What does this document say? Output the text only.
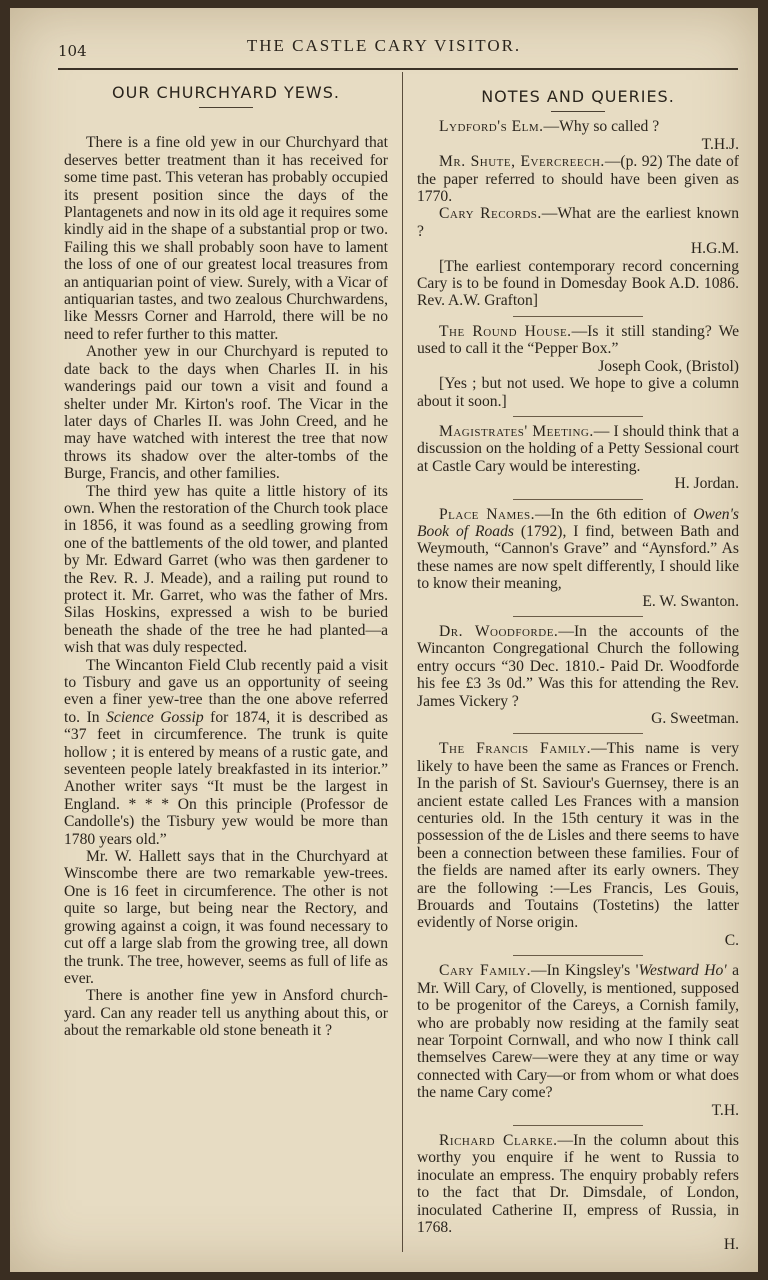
104	THE CASTLE CARY VISITOR.
OUR CHURCHYARD YEWS.

There is a fine old yew in our Churchyard that deserves better treatment than it has received for some time past. This veteran has probably occupied its present position since the days of the Plantagenets and now in its old age it requires some kindly aid in the shape of a substantial prop or two. Failing this we shall probably soon have to lament the loss of one of our greatest local treasures from an antiquarian point of view. Surely, with a Vicar of antiquarian tastes, and two zealous Churchwardens, like Messrs Corner and Harrold, there will be no need to refer further to this matter.

Another yew in our Churchyard is reputed to date back to the days when Charles II. in his wanderings paid our town a visit and found a shelter under Mr. Kirton's roof. The Vicar in the later days of Charles II. was John Creed, and he may have watched with interest the tree that now throws its shadow over the alter-tombs of the Burge, Francis, and other families.

The third yew has quite a little history of its own. When the restoration of the Church took place in 1856, it was found as a seedling growing from one of the battlements of the old tower, and planted by Mr. Edward Garret (who was then gardener to the Rev. R. J. Meade), and a railing put round to protect it. Mr. Garret, who was the father of Mrs. Silas Hoskins, expressed a wish to be buried beneath the shade of the tree he had planted—a wish that was duly respected.

The Wincanton Field Club recently paid a visit to Tisbury and gave us an opportunity of seeing even a finer yew-tree than the one above referred to. In Science Gossip for 1874, it is described as “37 feet in circumference. The trunk is quite hollow ; it is entered by means of a rustic gate, and seventeen people lately breakfasted in its interior.” Another writer says “It must be the largest in England. * * * On this principle (Professor de Candolle's) the Tisbury yew would be more than 1780 years old.”

Mr. W. Hallett says that in the Churchyard at Winscombe there are two remarkable yew-trees. One is 16 feet in circumference. The other is not quite so large, but being near the Rectory, and growing against a coign, it was found necessary to cut off a large slab from the growing tree, all down the trunk. The tree, however, seems as full of life as ever.

There is another fine yew in Ansford church-yard. Can any reader tell us anything about this, or about the remarkable old stone beneath it ?

NOTES AND QUERIES.
Lydford's Elm.—Why so called ?
T.H.J.
Mr. Shute, Evercreech.—(p. 92) The date of the paper referred to should have been given as 1770.
Cary Records.—What are the earliest known ?
H.G.M.
[The earliest contemporary record concerning Cary is to be found in Domesday Book A.D. 1086. Rev. A.W. Grafton]
The Round House.—Is it still standing? We used to call it the “Pepper Box.”
Joseph Cook, (Bristol)
[Yes ; but not used. We hope to give a column about it soon.]
Magistrates' Meeting.— I should think that a discussion on the holding of a Petty Sessional court at Castle Cary would be interesting.
H. Jordan.
Place Names.—In the 6th edition of Owen's Book of Roads (1792), I find, between Bath and Weymouth, “Cannon's Grave” and “Aynsford.” As these names are now spelt differently, I should like to know their meaning,
E. W. Swanton.
Dr. Woodforde.—In the accounts of the Wincanton Congregational Church the following entry occurs “30 Dec. 1810.- Paid Dr. Woodforde his fee £3 3s 0d.” Was this for attending the Rev. James Vickery ?
G. Sweetman.
The Francis Family.—This name is very likely to have been the same as Frances or French. In the parish of St. Saviour's Guernsey, there is an ancient estate called Les Frances with a mansion centuries old. In the 15th century it was in the possession of the de Lisles and there seems to have been a connection between these families. Four of the fields are named after its early owners. They are the following :—Les Francis, Les Gouis, Brouards and Toutains (Tostetins) the latter evidently of Norse origin.
C.
Cary Family.—In Kingsley's 'Westward Ho' a Mr. Will Cary, of Clovelly, is mentioned, supposed to be progenitor of the Careys, a Cornish family, who are probably now residing at the family seat near Torpoint Cornwall, and who now I think call themselves Carew—were they at any time or way connected with Cary—or from whom or what does the name Cary come?
T.H.
Richard Clarke.—In the column about this worthy you enquire if he went to Russia to inoculate an empress. The enquiry probably refers to the fact that Dr. Dimsdale, of London, inoculated Catherine II, empress of Russia, in 1768.
H.
